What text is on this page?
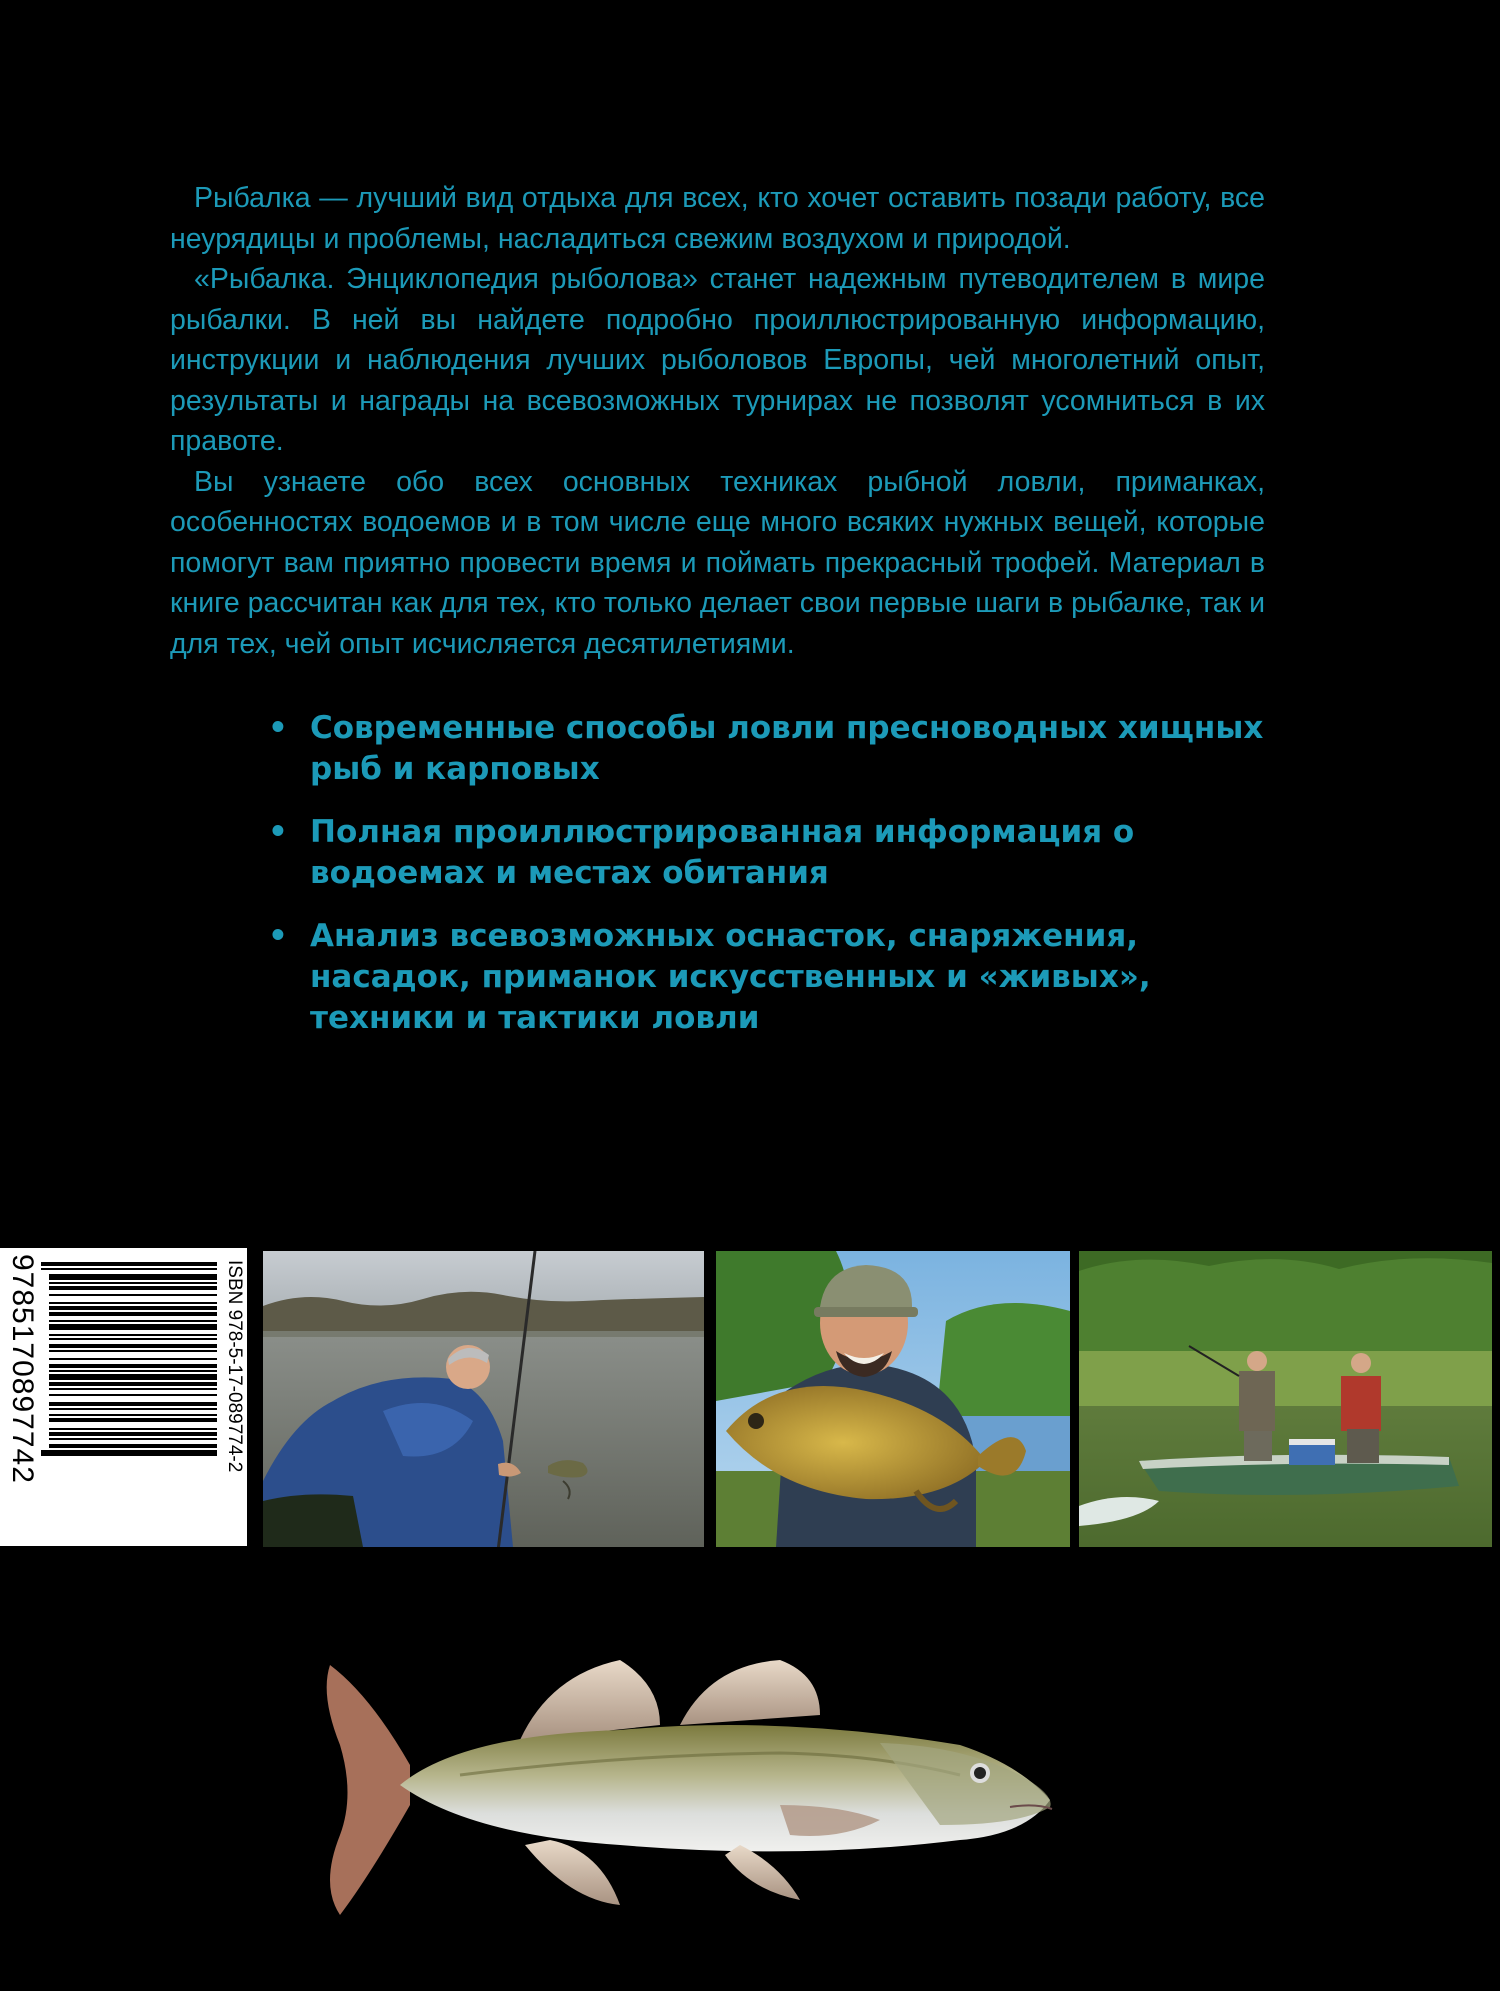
Рыбалка — лучший вид отдыха для всех, кто хочет оставить позади работу, все неурядицы и проблемы, насладиться свежим воздухом и природой.

«Рыбалка. Энциклопедия рыболова» станет надежным путеводителем в мире рыбалки. В ней вы найдете подробно проиллюстрированную информацию, инструкции и наблюдения лучших рыболовов Европы, чей многолетний опыт, результаты и награды на всевозможных турнирах не позволят усомниться в их правоте.

Вы узнаете обо всех основных техниках рыбной ловли, приманках, особенностях водоемов и в том числе еще много всяких нужных вещей, которые помогут вам приятно провести время и поймать прекрасный трофей. Материал в книге рассчитан как для тех, кто только делает свои первые шаги в рыбалке, так и для тех, чей опыт исчисляется десятилетиями.

• Современные способы ловли пресноводных хищных рыб и карповых
• Полная проиллюстрированная информация о водоемах и местах обитания
• Анализ всевозможных оснасток, снаряжения, насадок, приманок искусственных и «живых», техники и тактики ловли
ISBN 978-5-17-089774-2
9785170897742
